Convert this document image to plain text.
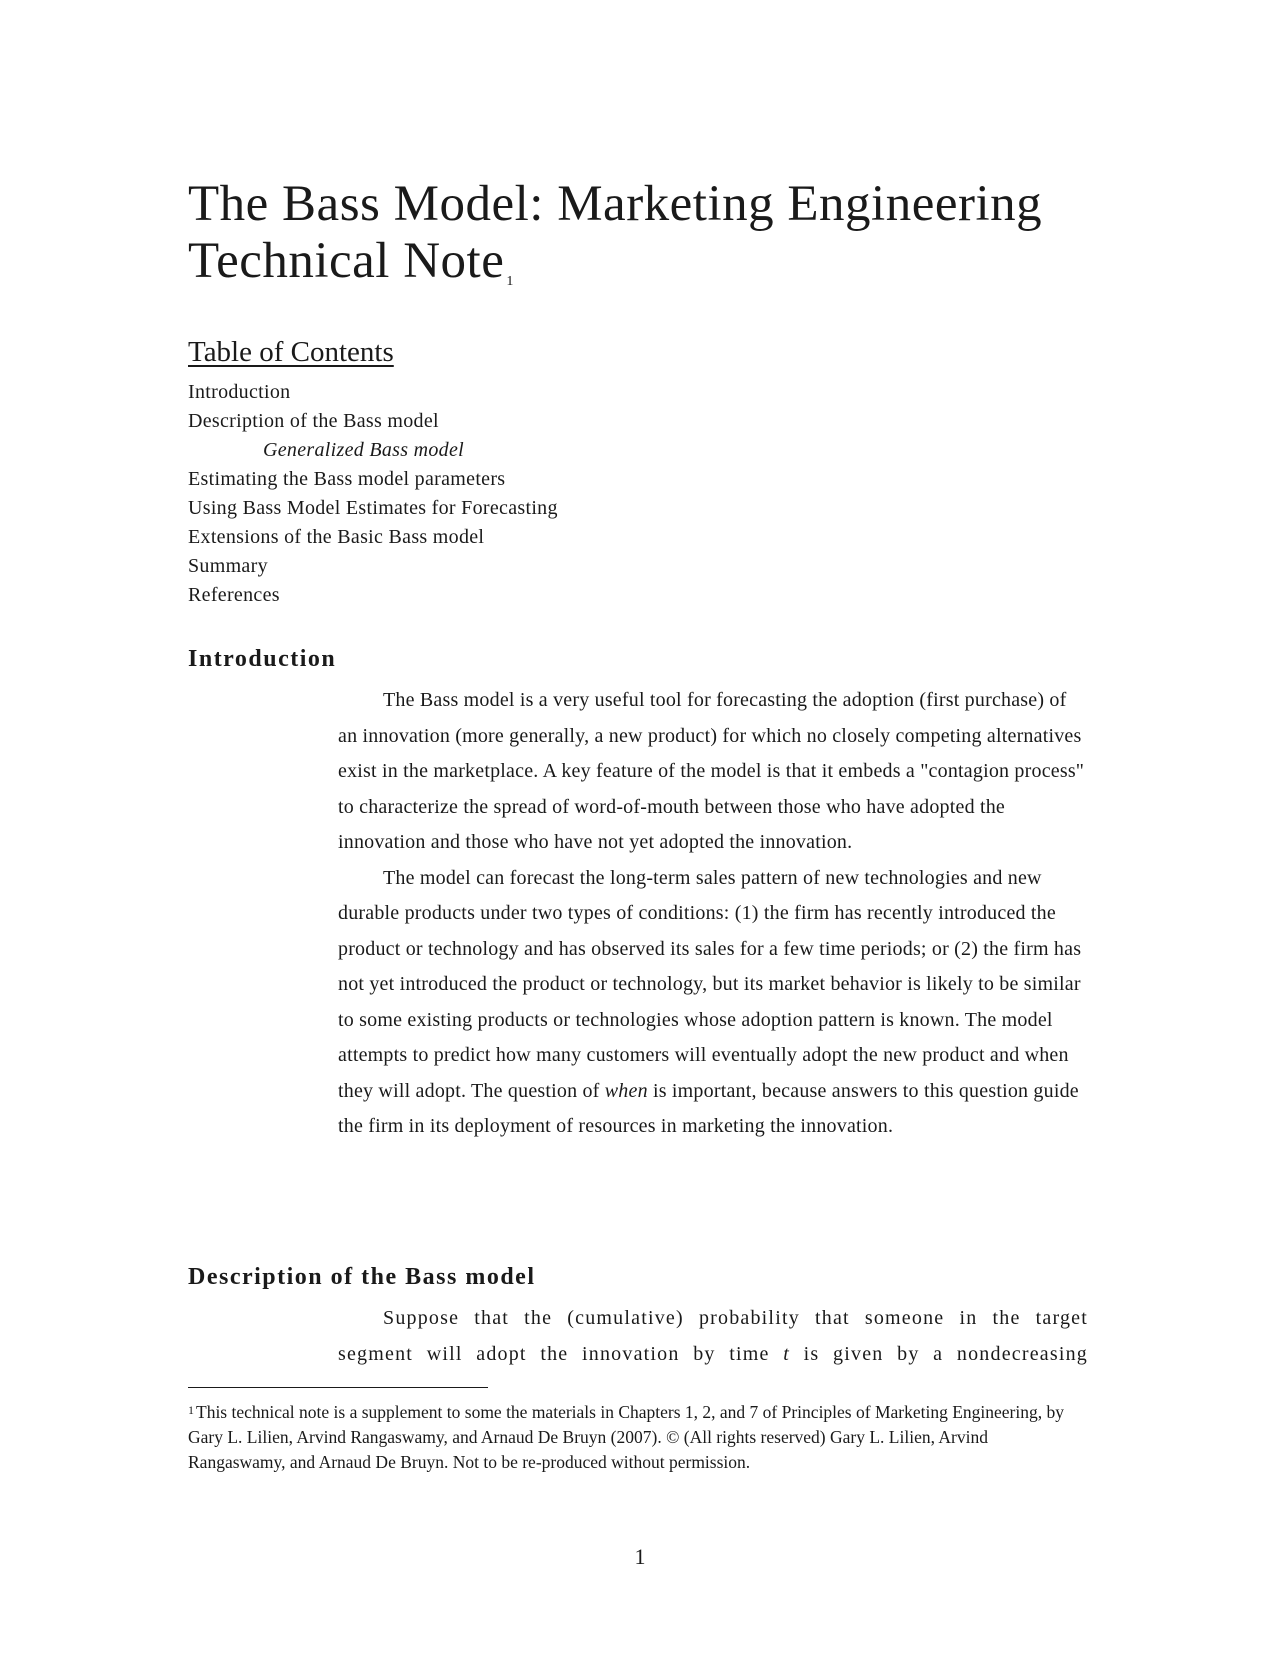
The Bass Model: Marketing Engineering Technical Note $^1$
Table of Contents
Introduction
Description of the Bass model
Generalized Bass model
Estimating the Bass model parameters
Using Bass Model Estimates for Forecasting
Extensions of the Basic Bass model
Summary
References
Introduction

The Bass model is a very useful tool for forecasting the adoption (first purchase) of an innovation (more generally, a new product) for which no closely competing alternatives exist in the marketplace. A key feature of the model is that it embeds a "contagion process" to characterize the spread of word-of-mouth between those who have adopted the innovation and those who have not yet adopted the innovation.

The model can forecast the long-term sales pattern of new technologies and new durable products under two types of conditions: (1) the firm has recently introduced the product or technology and has observed its sales for a few time periods; or (2) the firm has not yet introduced the product or technology, but its market behavior is likely to be similar to some existing products or technologies whose adoption pattern is known. The model attempts to predict how many customers will eventually adopt the new product and when they will adopt. The question of when is important, because answers to this question guide the firm in its deployment of resources in marketing the innovation.

Description of the Bass model

Suppose that the (cumulative) probability that someone in the target

segment will adopt the innovation by time t is given by a nondecreasing

$^1$ This technical note is a supplement to some the materials in Chapters 1, 2, and 7 of Principles of Marketing Engineering, by Gary L. Lilien, Arvind Rangaswamy, and Arnaud De Bruyn (2007). © (All rights reserved) Gary L. Lilien, Arvind Rangaswamy, and Arnaud De Bruyn. Not to be re-produced without permission.

1
